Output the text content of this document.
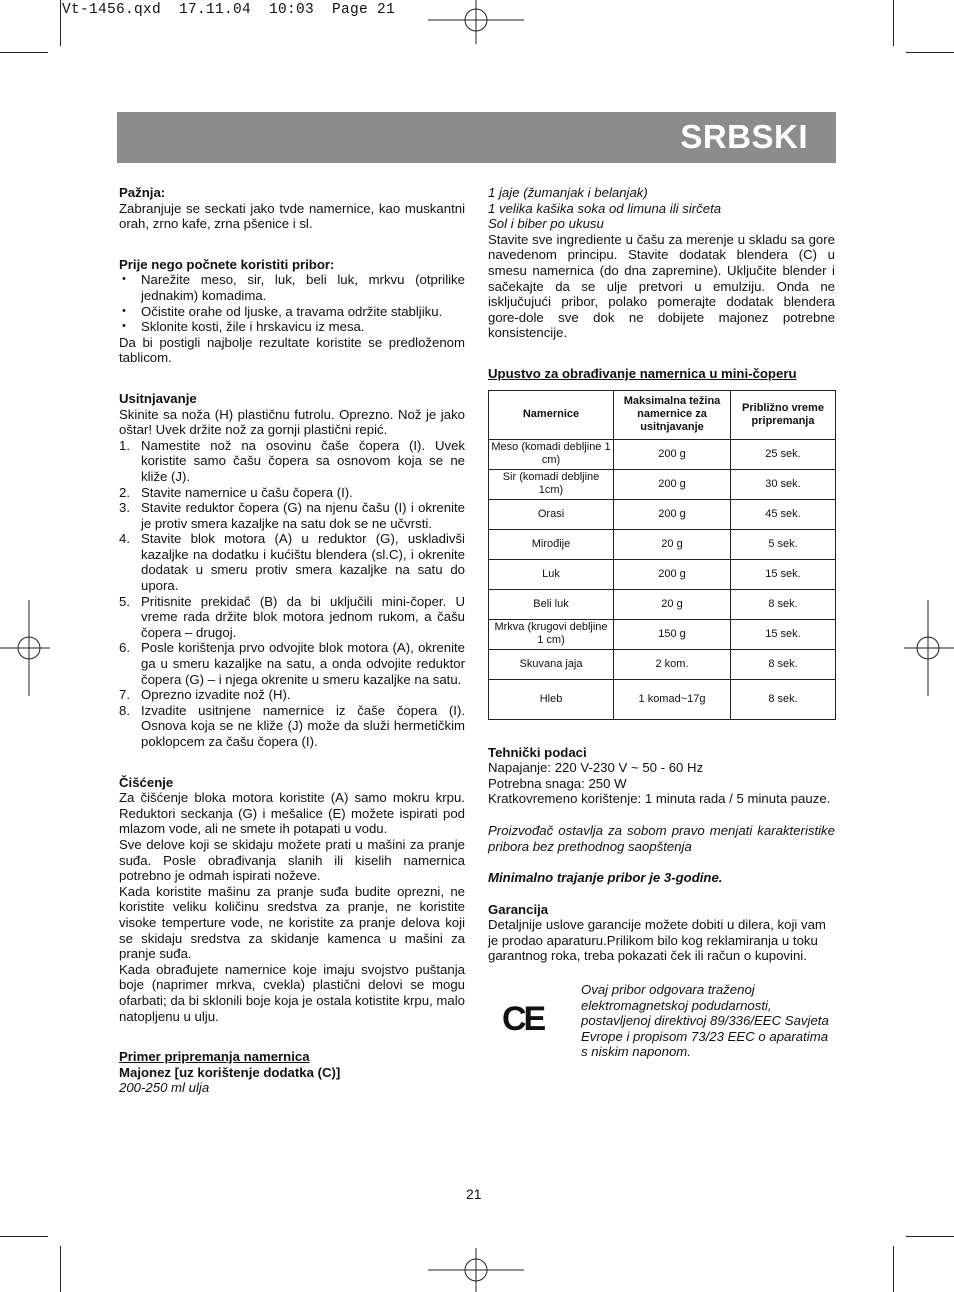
Vt-1456.qxd  17.11.04  10:03  Page 21
SRBSKI
Pažnja:

Zabranjuje se seckati jako tvde namernice, kao muskantni orah, zrno kafe, zrna pšenice i sl.

Prije nego počnete koristiti pribor:
• Narežite meso, sir, luk, beli luk, mrkvu (otprilike jednakim) komadima.
• Očistite orahe od ljuske, a travama održite stabljiku.
• Sklonite kosti, žile i hrskavicu iz mesa.

Da bi postigli najbolje rezultate koristite se predloženom tablicom.

Usitnjavanje

Skinite sa noža (H) plastičnu futrolu. Oprezno. Nož je jako oštar! Uvek držite nož za gornji plastični repić.

1. Namestite nož na osovinu čaše čopera (I). Uvek koristite samo čašu čopera sa osnovom koja se ne kliže (J).
2. Stavite namernice u čašu čopera (I).
3. Stavite reduktor čopera (G) na njenu čašu (I) i okrenite je protiv smera kazaljke na satu dok se ne učvrsti.
4. Stavite blok motora (A) u reduktor (G), uskladivši kazaljke na dodatku i kućištu blendera (sl.C), i okrenite dodatak u smeru protiv smera kazaljke na satu do upora.
5. Pritisnite prekidač (B) da bi uključili mini-čoper. U vreme rada držite blok motora jednom rukom, a čašu čopera – drugoj.
6. Posle korištenja prvo odvojite blok motora (A), okrenite ga u smeru kazaljke na satu, a onda odvojite reduktor čopera (G) – i njega okrenite u smeru kazaljke na satu.
7. Oprezno izvadite nož (H).
8. Izvadite usitnjene namernice iz čaše čopera (I). Osnova koja se ne kliže (J) može da služi hermetičkim poklopcem za čašu čopera (I).
Čišćenje

Za čišćenje bloka motora koristite (A) samo mokru krpu. Reduktori seckanja (G) i mešalice (E) možete ispirati pod mlazom vode, ali ne smete ih potapati u vodu.

Sve delove koji se skidaju možete prati u mašini za pranje suđa. Posle obrađivanja slanih ili kiselih namernica potrebno je odmah ispirati noževe.

Kada koristite mašinu za pranje suđa budite oprezni, ne koristite veliku količinu sredstva za pranje, ne koristite visoke temperture vode, ne koristite za pranje delova koji se skidaju sredstva za skidanje kamenca u mašini za pranje suđa.

Kada obrađujete namernice koje imaju svojstvo puštanja boje (naprimer mrkva, cvekla) plastični delovi se mogu ofarbati; da bi sklonili boje koja je ostala kotistite krpu, malo natopljenu u ulju.

Primer pripremanja namernica
Majonez [uz korištenje dodatka (C)]
200-250 ml ulja
1 jaje (žumanjak i belanjak)
1 velika kašika soka od limuna ili sirčeta
Sol i biber po ukusu

Stavite sve ingrediente u čašu za merenje u skladu sa gore navedenom principu. Stavite dodatak blendera (C) u smesu namernica (do dna zapremine). Uključite blender i sačekajte da se ulje pretvori u emulziju. Onda ne isključujući pribor, polako pomerajte dodatak blendera gore-dole sve dok ne dobijete majonez potrebne konsistencije.

Upustvo za obrađivanje namernica u mini-čoperu
Namernice	Maksimalna težina namernice za usitnjavanje	Približno vreme pripremanja
Meso (komadi debljine 1 cm)	200 g	25 sek.
Sir (komadi debljine 1cm)	200 g	30 sek.
Orasi	200 g	45 sek.
Mirođije	20 g	5 sek.
Luk	200 g	15 sek.
Beli luk	20 g	8 sek.
Mrkva (krugovi debljine 1 cm)	150 g	15 sek.
Skuvana jaja	2 kom.	8 sek.
Hleb	1 komad~17g	8 sek.
Tehnički podaci
Napajanje: 220 V-230 V ~ 50 - 60 Hz
Potrebna snaga: 250 W

Kratkovremeno korištenje: 1 minuta rada / 5 minuta pauze.

Proizvođač ostavlja za sobom pravo menjati karakteristike pribora bez prethodnog saopštenja

Minimalno trajanje pribor je 3-godine.
Garancija
Detaljnije uslove garancije možete dobiti u dilera, koji vam je prodao aparaturu.Prilikom bilo kog reklamiranja u toku garantnog roka, treba pokazati ček ili račun o kupovini.
CE
Ovaj pribor odgovara traženoj elektromagnetskoj podudarnosti, postavljenoj direktivoj 89/336/EEC Savjeta Evrope i propisom 73/23 EEC o aparatima s niskim naponom.
21
